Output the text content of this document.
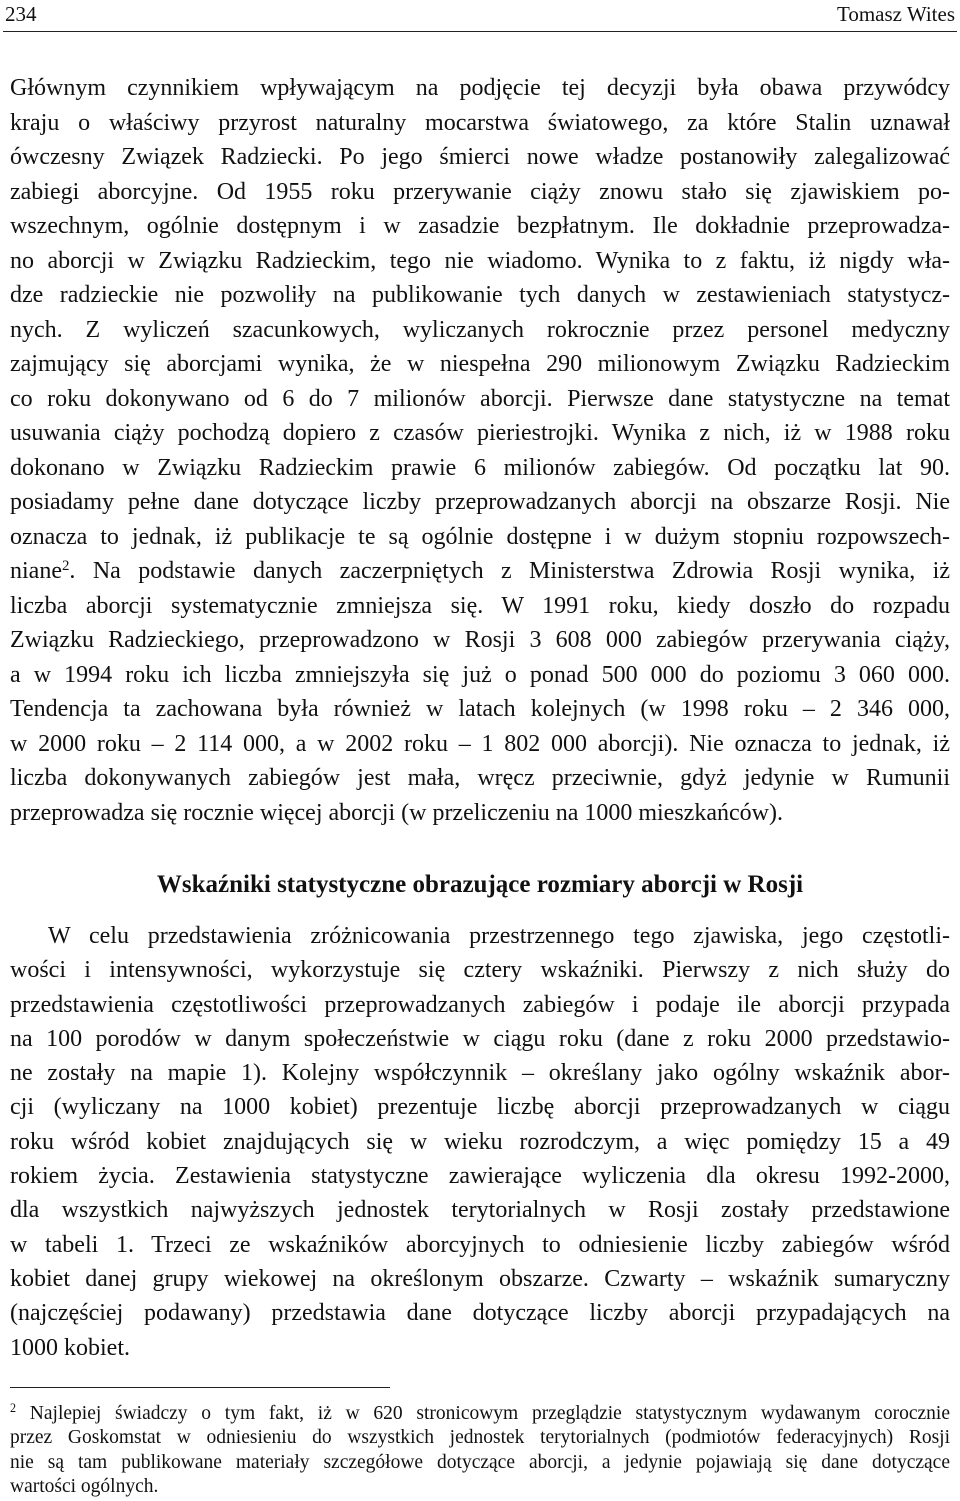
234	Tomasz Wites
Głównym czynnikiem wpływającym na podjęcie tej decyzji była obawa przywódcy
kraju o właściwy przyrost naturalny mocarstwa światowego, za które Stalin uznawał
ówczesny Związek Radziecki. Po jego śmierci nowe władze postanowiły zalegalizować
zabiegi aborcyjne. Od 1955 roku przerywanie ciąży znowu stało się zjawiskiem po-
wszechnym, ogólnie dostępnym i w zasadzie bezpłatnym. Ile dokładnie przeprowadza-
no aborcji w Związku Radzieckim, tego nie wiadomo. Wynika to z faktu, iż nigdy wła-
dze radzieckie nie pozwoliły na publikowanie tych danych w zestawieniach statystycz-
nych. Z wyliczeń szacunkowych, wyliczanych rokrocznie przez personel medyczny
zajmujący się aborcjami wynika, że w niespełna 290 milionowym Związku Radzieckim
co roku dokonywano od 6 do 7 milionów aborcji. Pierwsze dane statystyczne na temat
usuwania ciąży pochodzą dopiero z czasów pieriestrojki. Wynika z nich, iż w 1988 roku
dokonano w Związku Radzieckim prawie 6 milionów zabiegów. Od początku lat 90.
posiadamy pełne dane dotyczące liczby przeprowadzanych aborcji na obszarze Rosji. Nie
oznacza to jednak, iż publikacje te są ogólnie dostępne i w dużym stopniu rozpowszech-
niane$^2$. Na podstawie danych zaczerpniętych z Ministerstwa Zdrowia Rosji wynika, iż
liczba aborcji systematycznie zmniejsza się. W 1991 roku, kiedy doszło do rozpadu
Związku Radzieckiego, przeprowadzono w Rosji 3 608 000 zabiegów przerywania ciąży,
a w 1994 roku ich liczba zmniejszyła się już o ponad 500 000 do poziomu 3 060 000.
Tendencja ta zachowana była również w latach kolejnych (w 1998 roku – 2 346 000,
w 2000 roku – 2 114 000, a w 2002 roku – 1 802 000 aborcji). Nie oznacza to jednak, iż
liczba dokonywanych zabiegów jest mała, wręcz przeciwnie, gdyż jedynie w Rumunii
przeprowadza się rocznie więcej aborcji (w przeliczeniu na 1000 mieszkańców).
Wskaźniki statystyczne obrazujące rozmiary aborcji w Rosji
W celu przedstawienia zróżnicowania przestrzennego tego zjawiska, jego częstotli-
wości i intensywności, wykorzystuje się cztery wskaźniki. Pierwszy z nich służy do
przedstawienia częstotliwości przeprowadzanych zabiegów i podaje ile aborcji przypada
na 100 porodów w danym społeczeństwie w ciągu roku (dane z roku 2000 przedstawio-
ne zostały na mapie 1). Kolejny współczynnik – określany jako ogólny wskaźnik abor-
cji (wyliczany na 1000 kobiet) prezentuje liczbę aborcji przeprowadzanych w ciągu
roku wśród kobiet znajdujących się w wieku rozrodczym, a więc pomiędzy 15 a 49
rokiem życia. Zestawienia statystyczne zawierające wyliczenia dla okresu 1992-2000,
dla wszystkich najwyższych jednostek terytorialnych w Rosji zostały przedstawione
w tabeli 1. Trzeci ze wskaźników aborcyjnych to odniesienie liczby zabiegów wśród
kobiet danej grupy wiekowej na określonym obszarze. Czwarty – wskaźnik sumaryczny
(najczęściej podawany) przedstawia dane dotyczące liczby aborcji przypadających na
1000 kobiet.
$^2$ Najlepiej świadczy o tym fakt, iż w 620 stronicowym przeglądzie statystycznym wydawanym corocznie
przez Goskomstat w odniesieniu do wszystkich jednostek terytorialnych (podmiotów federacyjnych) Rosji
nie są tam publikowane materiały szczegółowe dotyczące aborcji, a jedynie pojawiają się dane dotyczące
wartości ogólnych.
